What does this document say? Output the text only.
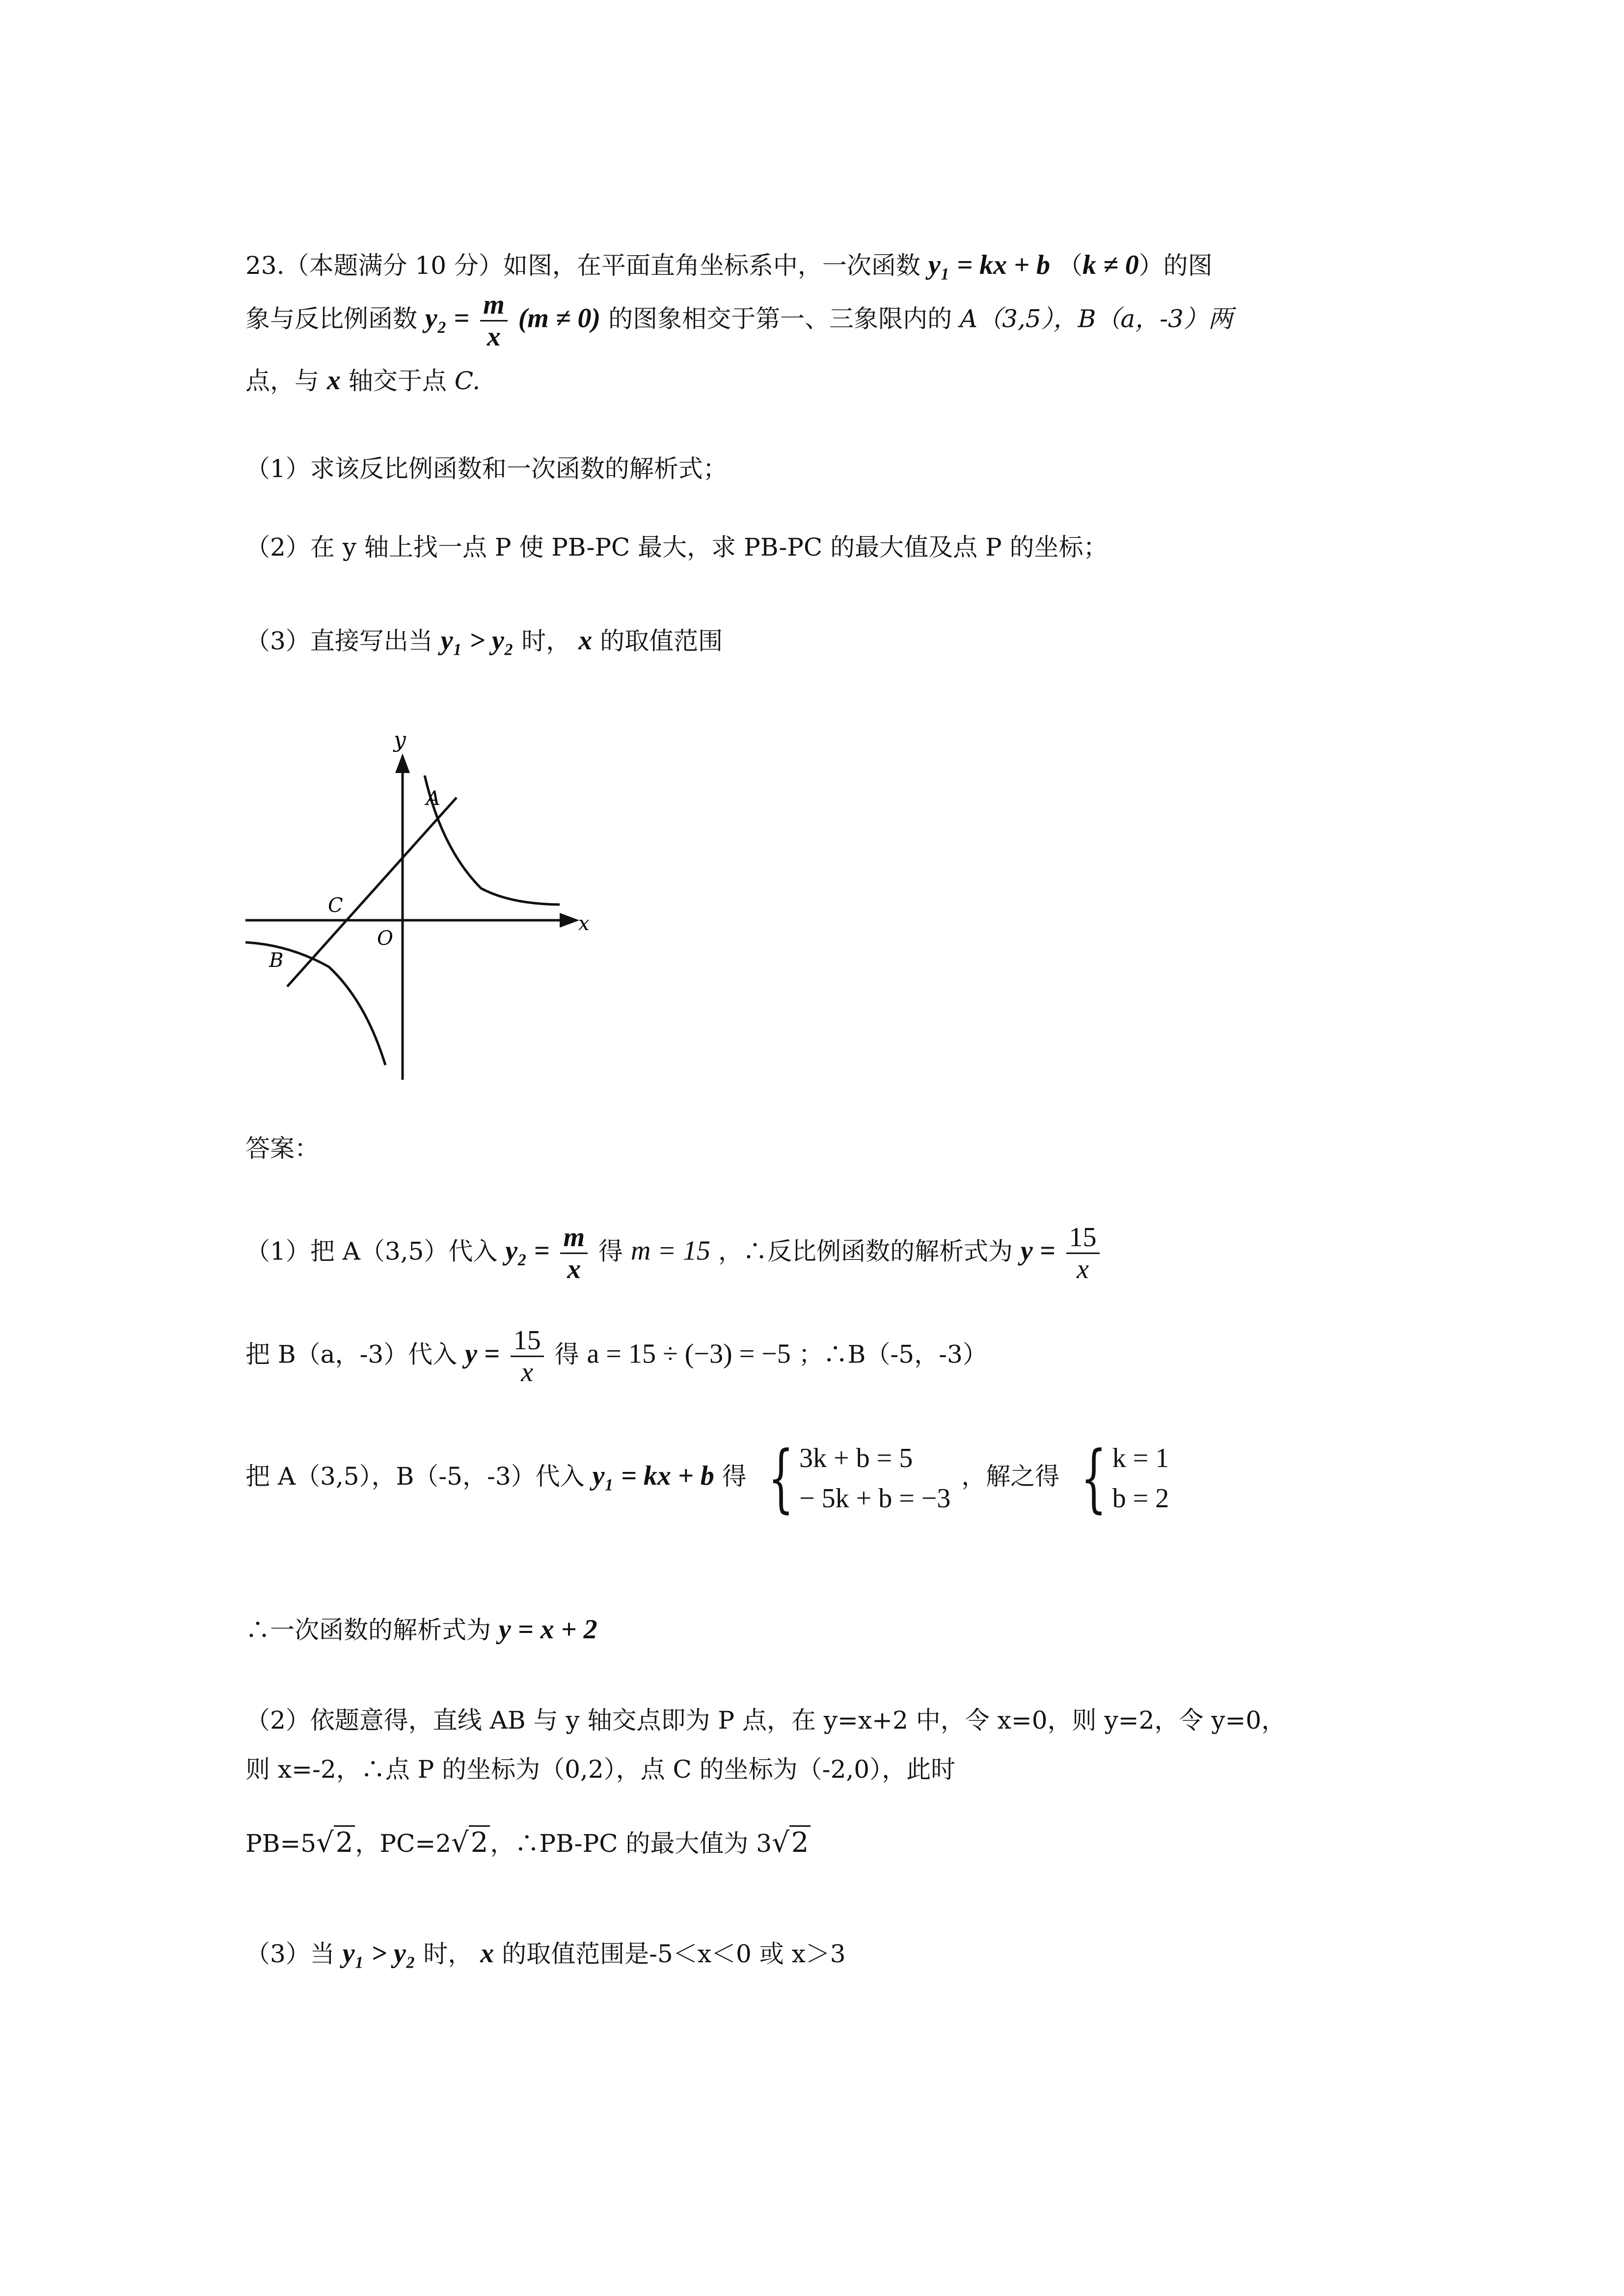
23.（本题满分 10 分）如图，在平面直角坐标系中，一次函数 y₁ = kx + b （k ≠ 0）的图
象与反比例函数 $y_2 = \frac{m}{x} (m \ne 0)$ 的图象相交于第一、三象限内的 A（3,5），B（a，-3）两
点，与 x 轴交于点 C.
（1）求该反比例函数和一次函数的解析式；
（2）在 y 轴上找一点 P 使 PB-PC 最大，求 PB-PC 的最大值及点 P 的坐标；
（3）直接写出当 y₁ > y₂ 时， x 的取值范围
y
x
A
B
C
O
答案：
（1）把 A（3,5）代入 $y_2 = \frac{m}{x}$ 得 m = 15 ，∴反比例函数的解析式为 $y = \frac{15}{x}$
把 B（a，-3）代入 $y = \frac{15}{x}$ 得 a = 15 ÷ (−3) = −5 ；∴B（-5，-3）
把 A（3,5），B（-5，-3）代入 y₁ = kx + b 得 { 3k + b = 5
− 5k + b = −3
，解之得 { k = 1
b = 2
∴一次函数的解析式为 y = x + 2
（2）依题意得，直线 AB 与 y 轴交点即为 P 点，在 y=x+2 中，令 x=0，则 y=2，令 y=0，
则 x=-2，∴点 P 的坐标为（0,2），点 C 的坐标为（-2,0），此时
PB=5√2，PC=2√2，∴PB-PC 的最大值为 3√2
（3）当 y₁ > y₂ 时， x 的取值范围是-5＜x＜0 或 x＞3
